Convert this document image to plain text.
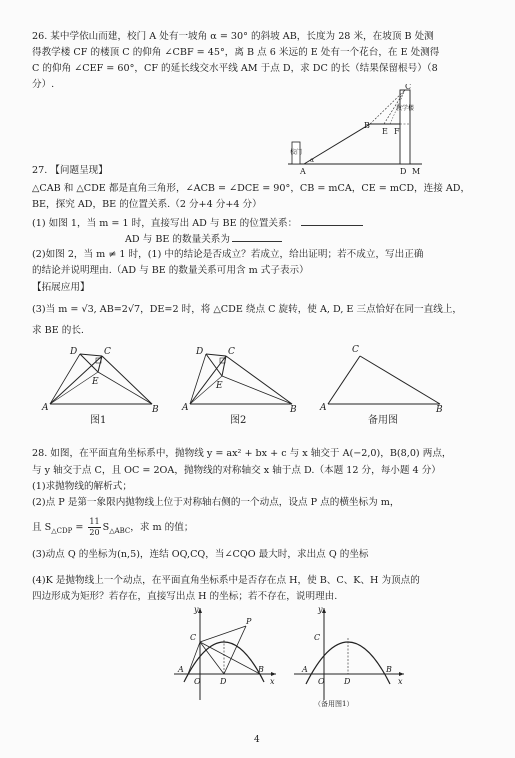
26. 某中学依山而建，校门 A 处有一坡角 α = 30° 的斜坡 AB，长度为 28 米，在坡顶 B 处测
得教学楼 CF 的楼顶 C 的仰角 ∠CBF = 45°，离 B 点 6 米远的 E 处有一个花台，在 E 处测得
C 的仰角 ∠CEF = 60°，CF 的延长线交水平线 AM 于点 D，求 DC 的长（结果保留根号）（8
分）.
校门
教学楼
C
B
E F
A
α
D M
27. 【问题呈现】
△CAB 和 △CDE 都是直角三角形，∠ACB = ∠DCE = 90°，CB = mCA，CE = mCD，连接 AD，
BE，探究 AD，BE 的位置关系.（2 分+4 分+4 分）
(1) 如图 1，当 m = 1 时，直接写出 AD 与 BE 的位置关系：
AD 与 BE 的数量关系为
(2)如图 2，当 m ≠ 1 时，(1) 中的结论是否成立？若成立，给出证明；若不成立，写出正确
的结论并说明理由.（AD 与 BE 的数量关系可用含 m 式子表示）
【拓展应用】
(3)当 m = √3, AB=2√7，DE=2 时，将 △CDE 绕点 C 旋转，使 A, D, E 三点恰好在同一直线上，
求 BE 的长.
A	B
C
D
E
图1
A	B
C
D
E
图2
A	B
C
备用图
28. 如图，在平面直角坐标系中，抛物线 y = ax² + bx + c 与 x 轴交于 A(−2,0)，B(8,0) 两点，
与 y 轴交于点 C，且 OC = 2OA，抛物线的对称轴交 x 轴于点 D.（本题 12 分，每小题 4 分）
(1)求抛物线的解析式；
(2)点 P 是第一象限内抛物线上位于对称轴右侧的一个动点，设点 P 点的横坐标为 m，
且 $S_{\triangle CDP} = \frac{11}{20} S_{\triangle ABC}$，求 m 的值；
(3)动点 Q 的坐标为(n,5)，连结 OQ,CQ，当∠CQO 最大时，求出点 Q 的坐标
(4)K 是抛物线上一个动点，在平面直角坐标系中是否存在点 H，使 B、C、K、H 为顶点的
四边形成为矩形？若存在，直接写出点 H 的坐标；若不存在，说明理由.
y
x
C
P
A
O D
B
y
x
C
A
O D
B
（备用图1）
4
